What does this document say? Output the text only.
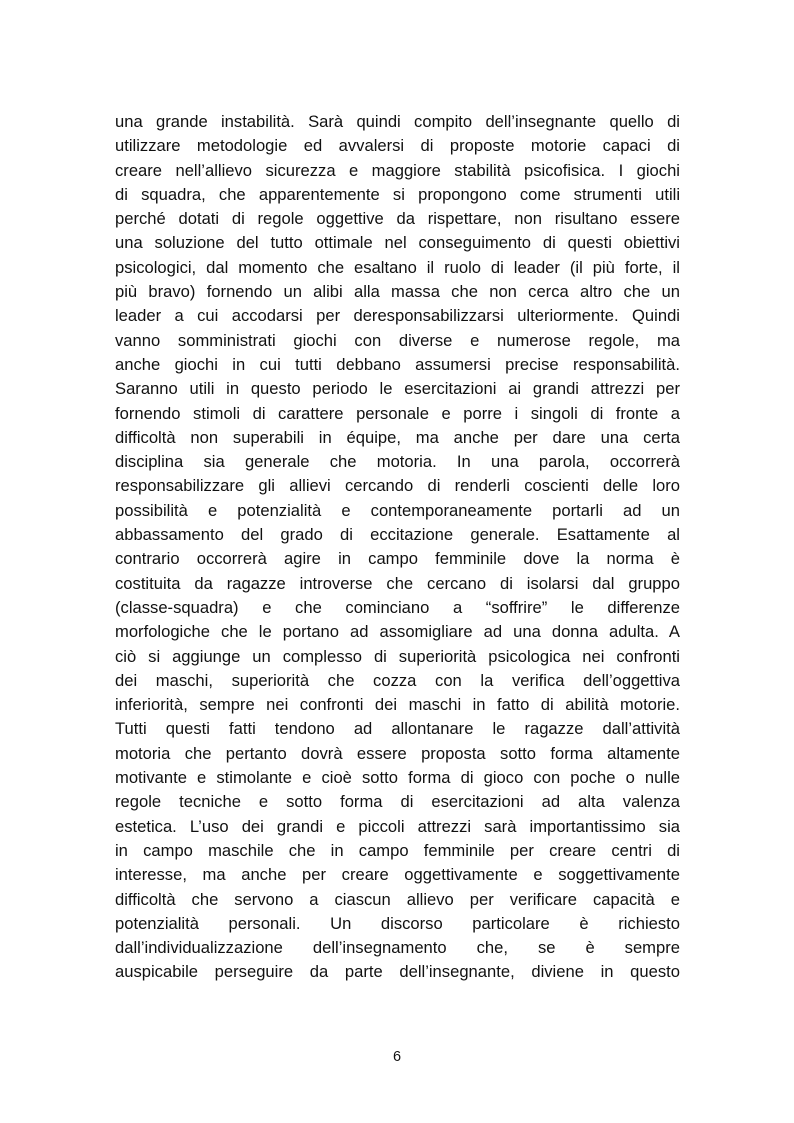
una grande instabilità. Sarà quindi compito dell’insegnante quello di
utilizzare metodologie ed avvalersi di proposte motorie capaci di
creare nell’allievo sicurezza e maggiore stabilità psicofisica. I giochi
di squadra, che apparentemente si propongono come strumenti utili
perché dotati di regole oggettive da rispettare, non risultano essere
una soluzione del tutto ottimale nel conseguimento di questi obiettivi
psicologici, dal momento che esaltano il ruolo di leader (il più forte, il
più bravo) fornendo un alibi alla massa che non cerca altro che un
leader a cui accodarsi per deresponsabilizzarsi ulteriormente. Quindi
vanno somministrati giochi con diverse e numerose regole, ma
anche giochi in cui tutti debbano assumersi precise responsabilità.
Saranno utili in questo periodo le esercitazioni ai grandi attrezzi per
fornendo stimoli di carattere personale e porre i singoli di fronte a
difficoltà non superabili in équipe, ma anche per dare una certa
disciplina sia generale che motoria. In una parola, occorrerà
responsabilizzare gli allievi cercando di renderli coscienti delle loro
possibilità e potenzialità e contemporaneamente portarli ad un
abbassamento del grado di eccitazione generale. Esattamente al
contrario occorrerà agire in campo femminile dove la norma è
costituita da ragazze introverse che cercano di isolarsi dal gruppo
(classe-squadra) e che cominciano a “soffrire” le differenze
morfologiche che le portano ad assomigliare ad una donna adulta. A
ciò si aggiunge un complesso di superiorità psicologica nei confronti
dei maschi, superiorità che cozza con la verifica dell’oggettiva
inferiorità, sempre nei confronti dei maschi in fatto di abilità motorie.
Tutti questi fatti tendono ad allontanare le ragazze dall’attività
motoria che pertanto dovrà essere proposta sotto forma altamente
motivante e stimolante e cioè sotto forma di gioco con poche o nulle
regole tecniche e sotto forma di esercitazioni ad alta valenza
estetica. L’uso dei grandi e piccoli attrezzi sarà importantissimo sia
in campo maschile che in campo femminile per creare centri di
interesse, ma anche per creare oggettivamente e soggettivamente
difficoltà che servono a ciascun allievo per verificare capacità e
potenzialità personali. Un discorso particolare è richiesto
dall’individualizzazione dell’insegnamento che, se è sempre
auspicabile perseguire da parte dell’insegnante, diviene in questo
6
